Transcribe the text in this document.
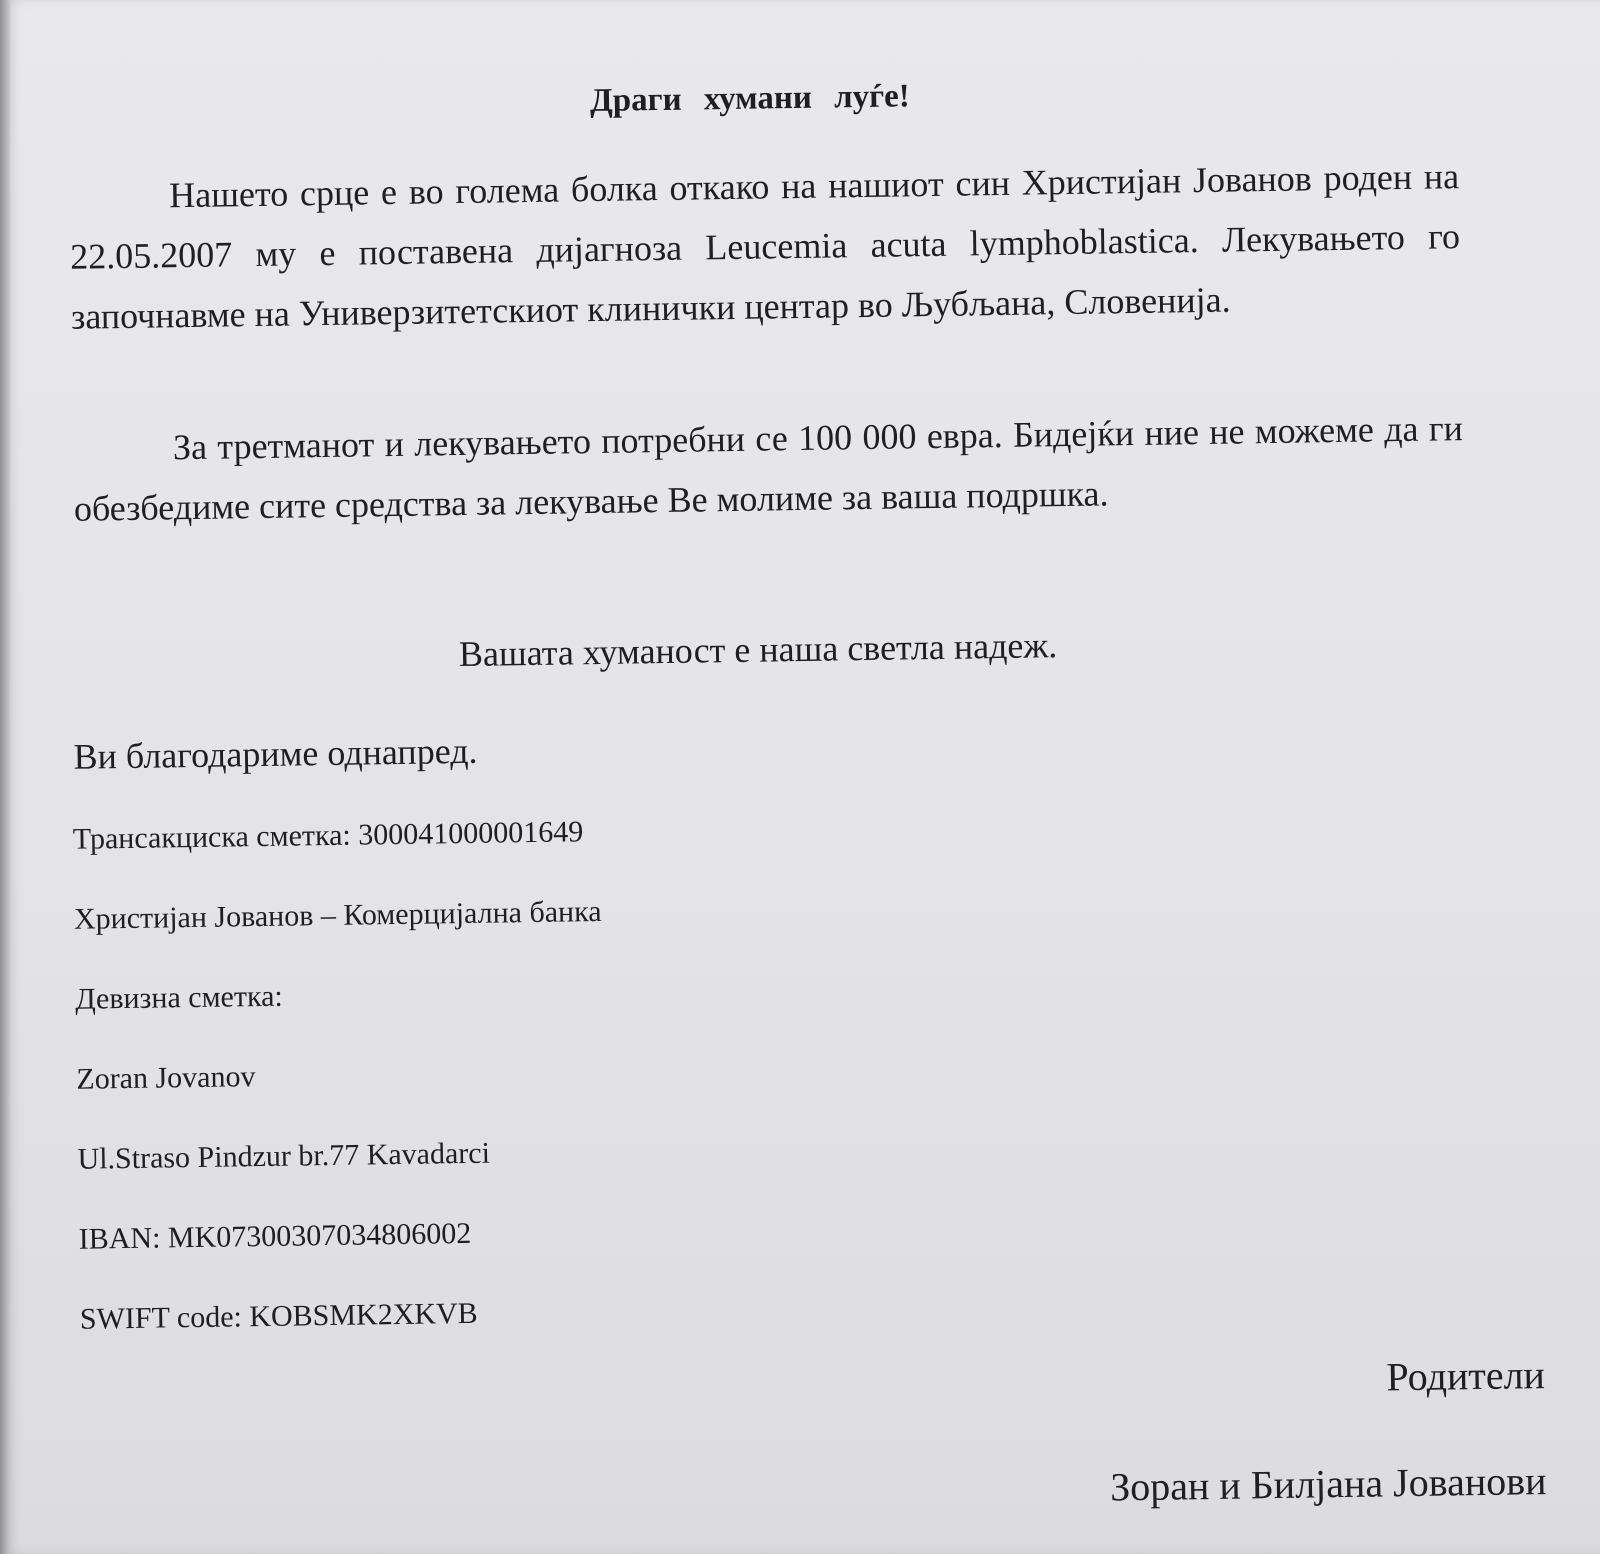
Драги хумани луѓе!
Нашето срце е во голема болка откако на нашиот син Христијан Јованов роден на 22.05.2007 му е поставена дијагноза Leucemia acuta lymphoblastica. Лекувањето го започнавме на Универзитетскиот клинички центар во Љубљана, Словенија.
За третманот и лекувањето потребни се 100 000 евра. Бидејќи ние не можеме да ги обезбедиме сите средства за лекување Ве молиме за ваша подршка.
Вашата хуманост е наша светла надеж.
Ви благодариме однапред.
Трансакциска сметка: 300041000001649
Христијан Јованов – Комерцијална банка
Девизна сметка:
Zoran Jovanov
Ul.Straso Pindzur br.77 Kavadarci
IBAN: MK07300307034806002
SWIFT code: KOBSMK2XKVB
Родители
Зоран и Билјана Јованови
